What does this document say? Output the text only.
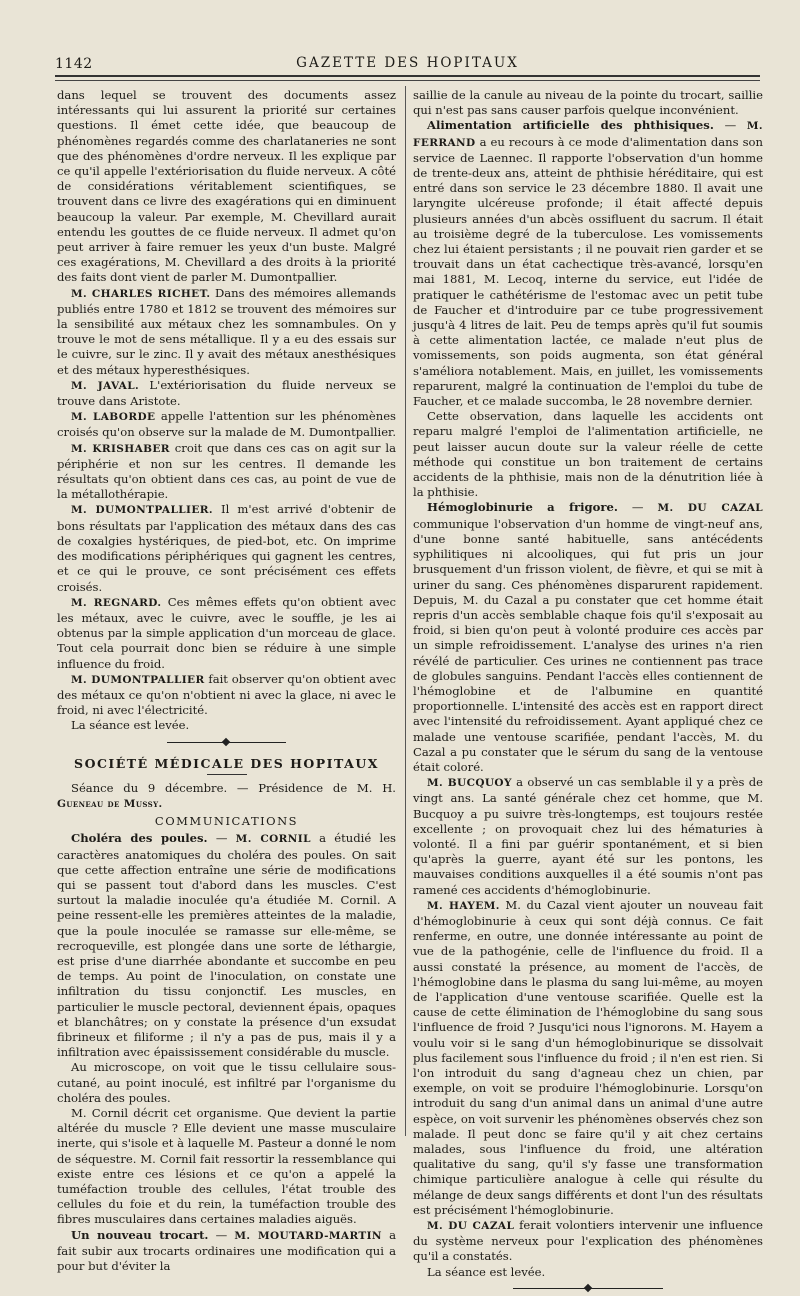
1142	GAZETTE DES HOPITAUX

dans lequel se trouvent des documents assez intéressants qui lui assurent la priorité sur certaines questions. Il émet cette idée, que beaucoup de phénomènes regardés comme des charlataneries ne sont que des phénomènes d'ordre nerveux. Il les explique par ce qu'il appelle l'extériorisation du fluide nerveux. A côté de considérations véritablement scientifiques, se trouvent dans ce livre des exagérations qui en diminuent beaucoup la valeur. Par exemple, M. Chevillard aurait entendu les gouttes de ce fluide nerveux. Il admet qu'on peut arriver à faire remuer les yeux d'un buste. Malgré ces exagérations, M. Chevillard a des droits à la priorité des faits dont vient de parler M. Dumontpallier.

M. CHARLES RICHET. Dans des mémoires allemands publiés entre 1780 et 1812 se trouvent des mémoires sur la sensibilité aux métaux chez les somnambules. On y trouve le mot de sens métallique. Il y a eu des essais sur le cuivre, sur le zinc. Il y avait des métaux anesthésiques et des métaux hyperesthésiques.

M. JAVAL. L'extériorisation du fluide nerveux se trouve dans Aristote.

M. LABORDE appelle l'attention sur les phénomènes croisés qu'on observe sur la malade de M. Dumontpallier.

M. KRISHABER croit que dans ces cas on agit sur la périphérie et non sur les centres. Il demande les résultats qu'on obtient dans ces cas, au point de vue de la métallothérapie.

M. DUMONTPALLIER. Il m'est arrivé d'obtenir de bons résultats par l'application des métaux dans des cas de coxalgies hystériques, de pied-bot, etc. On imprime des modifications périphériques qui gagnent les centres, et ce qui le prouve, ce sont précisément ces effets croisés.

M. REGNARD. Ces mêmes effets qu'on obtient avec les métaux, avec le cuivre, avec le souffle, je les ai obtenus par la simple application d'un morceau de glace. Tout cela pourrait donc bien se réduire à une simple influence du froid.

M. DUMONTPALLIER fait observer qu'on obtient avec des métaux ce qu'on n'obtient ni avec la glace, ni avec le froid, ni avec l'électricité.

La séance est levée.

SOCIÉTÉ MÉDICALE DES HOPITAUX

Séance du 9 décembre. — Présidence de M. H. Gueneau de Mussy.

COMMUNICATIONS

Choléra des poules. — M. CORNIL a étudié les caractères anatomiques du choléra des poules. On sait que cette affection entraîne une série de modifications qui se passent tout d'abord dans les muscles. C'est surtout la maladie inoculée qu'a étudiée M. Cornil. A peine ressent-elle les premières atteintes de la maladie, que la poule inoculée se ramasse sur elle-même, se recroqueville, est plongée dans une sorte de léthargie, est prise d'une diarrhée abondante et succombe en peu de temps. Au point de l'inoculation, on constate une infiltration du tissu conjonctif. Les muscles, en particulier le muscle pectoral, deviennent épais, opaques et blanchâtres; on y constate la présence d'un exsudat fibrineux et filiforme ; il n'y a pas de pus, mais il y a infiltration avec épaississement considérable du muscle.

Au microscope, on voit que le tissu cellulaire sous-cutané, au point inoculé, est infiltré par l'organisme du choléra des poules.

M. Cornil décrit cet organisme. Que devient la partie altérée du muscle ? Elle devient une masse musculaire inerte, qui s'isole et à laquelle M. Pasteur a donné le nom de séquestre. M. Cornil fait ressortir la ressemblance qui existe entre ces lésions et ce qu'on a appelé la tuméfaction trouble des cellules, l'état trouble des cellules du foie et du rein, la tuméfaction trouble des fibres musculaires dans certaines maladies aiguës.

Un nouveau trocart. — M. MOUTARD-MARTIN a fait subir aux trocarts ordinaires une modification qui a pour but d'éviter la

saillie de la canule au niveau de la pointe du trocart, saillie qui n'est pas sans causer parfois quelque inconvénient.

Alimentation artificielle des phthisiques. — M. FERRAND a eu recours à ce mode d'alimentation dans son service de Laennec. Il rapporte l'observation d'un homme de trente-deux ans, atteint de phthisie héréditaire, qui est entré dans son service le 23 décembre 1880. Il avait une laryngite ulcéreuse profonde; il était affecté depuis plusieurs années d'un abcès ossifluent du sacrum. Il était au troisième degré de la tuberculose. Les vomissements chez lui étaient persistants ; il ne pouvait rien garder et se trouvait dans un état cachectique très-avancé, lorsqu'en mai 1881, M. Lecoq, interne du service, eut l'idée de pratiquer le cathétérisme de l'estomac avec un petit tube de Faucher et d'introduire par ce tube progressivement jusqu'à 4 litres de lait. Peu de temps après qu'il fut soumis à cette alimentation lactée, ce malade n'eut plus de vomissements, son poids augmenta, son état général s'améliora notablement. Mais, en juillet, les vomissements reparurent, malgré la continuation de l'emploi du tube de Faucher, et ce malade succomba, le 28 novembre dernier.

Cette observation, dans laquelle les accidents ont reparu malgré l'emploi de l'alimentation artificielle, ne peut laisser aucun doute sur la valeur réelle de cette méthode qui constitue un bon traitement de certains accidents de la phthisie, mais non de la dénutrition liée à la phthisie.

Hémoglobinurie a frigore. — M. DU CAZAL communique l'observation d'un homme de vingt-neuf ans, d'une bonne santé habituelle, sans antécédents syphilitiques ni alcooliques, qui fut pris un jour brusquement d'un frisson violent, de fièvre, et qui se mit à uriner du sang. Ces phénomènes disparurent rapidement. Depuis, M. du Cazal a pu constater que cet homme était repris d'un accès semblable chaque fois qu'il s'exposait au froid, si bien qu'on peut à volonté produire ces accès par un simple refroidissement. L'analyse des urines n'a rien révélé de particulier. Ces urines ne contiennent pas trace de globules sanguins. Pendant l'accès elles contiennent de l'hémoglobine et de l'albumine en quantité proportionnelle. L'intensité des accès est en rapport direct avec l'intensité du refroidissement. Ayant appliqué chez ce malade une ventouse scarifiée, pendant l'accès, M. du Cazal a pu constater que le sérum du sang de la ventouse était coloré.

M. BUCQUOY a observé un cas semblable il y a près de vingt ans. La santé générale chez cet homme, que M. Bucquoy a pu suivre très-longtemps, est toujours restée excellente ; on provoquait chez lui des hématuries à volonté. Il a fini par guérir spontanément, et si bien qu'après la guerre, ayant été sur les pontons, les mauvaises conditions auxquelles il a été soumis n'ont pas ramené ces accidents d'hémoglobinurie.

M. HAYEM. M. du Cazal vient ajouter un nouveau fait d'hémoglobinurie à ceux qui sont déjà connus. Ce fait renferme, en outre, une donnée intéressante au point de vue de la pathogénie, celle de l'influence du froid. Il a aussi constaté la présence, au moment de l'accès, de l'hémoglobine dans le plasma du sang lui-même, au moyen de l'application d'une ventouse scarifiée. Quelle est la cause de cette élimination de l'hémoglobine du sang sous l'influence de froid ? Jusqu'ici nous l'ignorons. M. Hayem a voulu voir si le sang d'un hémoglobinurique se dissolvait plus facilement sous l'influence du froid ; il n'en est rien. Si l'on introduit du sang d'agneau chez un chien, par exemple, on voit se produire l'hémoglobinurie. Lorsqu'on introduit du sang d'un animal dans un animal d'une autre espèce, on voit survenir les phénomènes observés chez son malade. Il peut donc se faire qu'il y ait chez certains malades, sous l'influence du froid, une altération qualitative du sang, qu'il s'y fasse une transformation chimique particulière analogue à celle qui résulte du mélange de deux sangs différents et dont l'un des résultats est précisément l'hémoglobinurie.

M. DU CAZAL ferait volontiers intervenir une influence du système nerveux pour l'explication des phénomènes qu'il a constatés.

La séance est levée.
